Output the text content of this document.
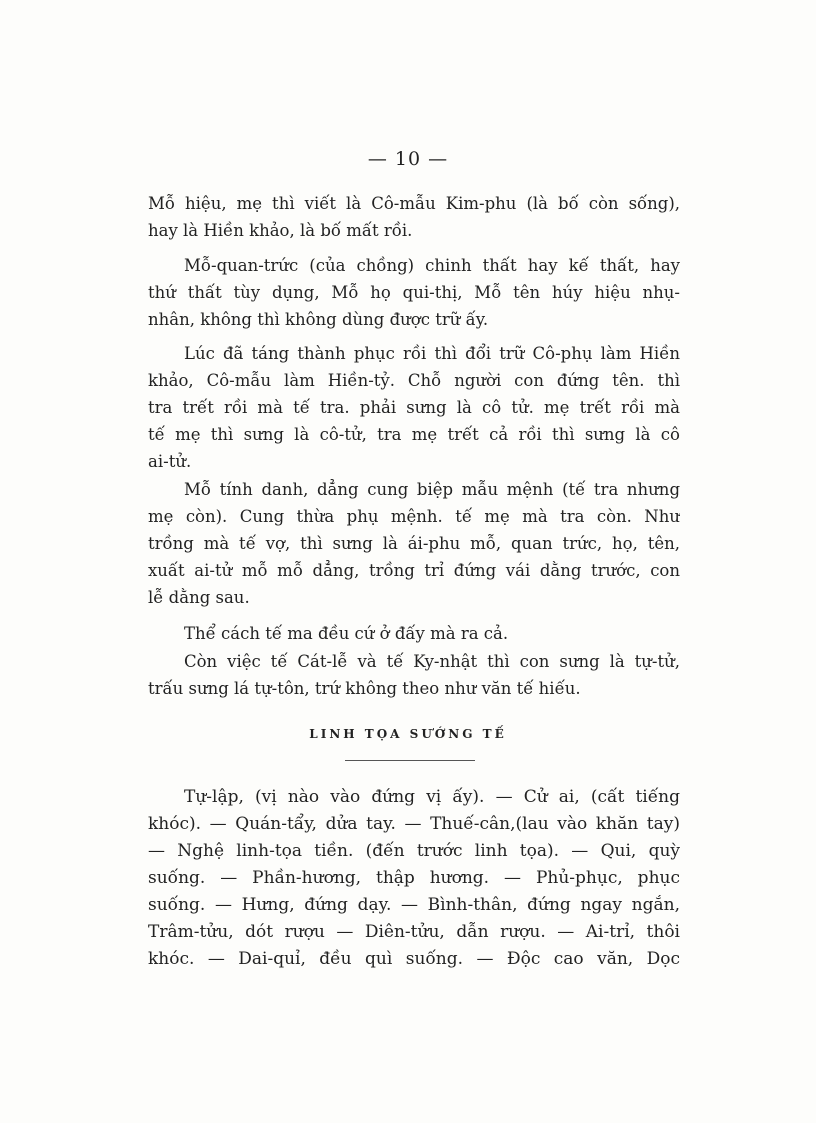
— 10 —
Mỗ hiệu, mẹ thì viết là Cô-mẫu Kim-phu (là bố còn sống),
hay là Hiền khảo, là bố mất rồi.
Mỗ-quan-trức (của chồng) chinh thất hay kế thất, hay
thứ thất tùy dụng, Mỗ họ qui-thị, Mỗ tên húy hiệu nhụ-
nhân, không thì không dùng được trữ ấy.
Lúc đã táng thành phục rồi thì đổi trữ Cô-phụ làm Hiền
khảo, Cô-mẫu làm Hiền-tỷ. Chỗ người con đứng tên. thì
tra trết rồi mà tế tra. phải sưng là cô tử. mẹ trết rồi mà
tế mẹ thì sưng là cô-tử, tra mẹ trết cả rồi thì sưng là cô
ai-tử.
Mỗ tính danh, dẳng cung biệp mẫu mệnh (tế tra nhưng
mẹ còn). Cung thừa phụ mệnh. tế mẹ mà tra còn. Như
trồng mà tế vợ, thì sưng là ái-phu mỗ, quan trức, họ, tên,
xuất ai-tử mỗ mỗ dẳng, trồng trỉ đứng vái dằng trước, con
lễ dằng sau.
Thể cách tế ma đều cứ ở đấy mà ra cả.
Còn việc tế Cát-lễ và tế Ky-nhật thì con sưng là tự-tử,
trấu sưng lá tự-tôn, trứ không theo như văn tế hiếu.
LINH TỌA SƯỚNG TẾ
Tự-lập, (vị nào vào đứng vị ấy). — Cử ai, (cất tiếng
khóc). — Quán-tẩy, dửa tay. — Thuế-cân,(lau vào khăn tay)
— Nghệ linh-tọa tiền. (đến trước linh tọa). — Qui, quỳ
suống. — Phần-hương, thập hương. — Phủ-phục, phục
suống. — Hưng, đứng dạy. — Bình-thân, đứng ngay ngắn,
Trâm-tửu, dót rượu — Diên-tửu, dẫn rượu. — Ai-trỉ, thôi
khóc. — Dai-quỉ, đều quì suống. — Độc cao văn, Dọc
